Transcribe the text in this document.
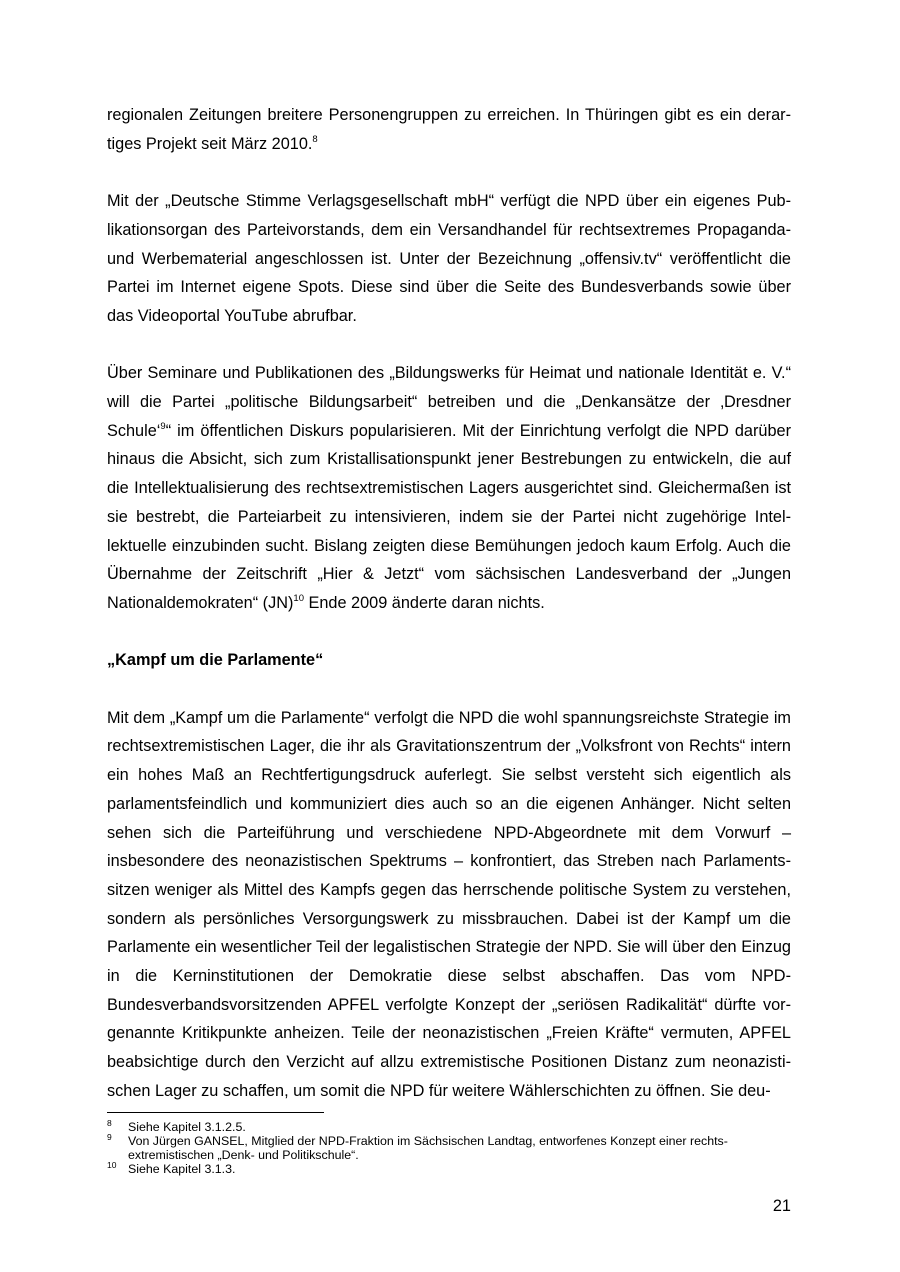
regionalen Zeitungen breitere Personengruppen zu erreichen. In Thüringen gibt es ein derartiges Projekt seit März 2010.$^8$

Mit der „Deutsche Stimme Verlagsgesellschaft mbH“ verfügt die NPD über ein eigenes Publikationsorgan des Parteivorstands, dem ein Versandhandel für rechtsextremes Propaganda- und Werbematerial angeschlossen ist. Unter der Bezeichnung „offensiv.tv“ veröffentlicht die Partei im Internet eigene Spots. Diese sind über die Seite des Bundesverbands sowie über das Videoportal YouTube abrufbar.

Über Seminare und Publikationen des „Bildungswerks für Heimat und nationale Identität e. V.“ will die Partei „politische Bildungsarbeit“ betreiben und die „Denkansätze der ‚Dresdner Schule‘$^9$“ im öffentlichen Diskurs popularisieren. Mit der Einrichtung verfolgt die NPD darüber hinaus die Absicht, sich zum Kristallisationspunkt jener Bestrebungen zu entwickeln, die auf die Intellektualisierung des rechtsextremistischen Lagers ausgerichtet sind. Gleichermaßen ist sie bestrebt, die Parteiarbeit zu intensivieren, indem sie der Partei nicht zugehörige Intellektuelle einzubinden sucht. Bislang zeigten diese Bemühungen jedoch kaum Erfolg. Auch die Übernahme der Zeitschrift „Hier & Jetzt“ vom sächsischen Landesverband der „Jungen Nationaldemokraten“ (JN)$^{10}$ Ende 2009 änderte daran nichts.

„Kampf um die Parlamente“

Mit dem „Kampf um die Parlamente“ verfolgt die NPD die wohl spannungsreichste Strategie im rechtsextremistischen Lager, die ihr als Gravitationszentrum der „Volksfront von Rechts“ intern ein hohes Maß an Rechtfertigungsdruck auferlegt. Sie selbst versteht sich eigentlich als parlamentsfeindlich und kommuniziert dies auch so an die eigenen Anhänger. Nicht selten sehen sich die Parteiführung und verschiedene NPD-Abgeordnete mit dem Vorwurf – insbesondere des neonazistischen Spektrums – konfrontiert, das Streben nach Parlamentssitzen weniger als Mittel des Kampfs gegen das herrschende politische System zu verstehen, sondern als persönliches Versorgungswerk zu missbrauchen. Dabei ist der Kampf um die Parlamente ein wesentlicher Teil der legalistischen Strategie der NPD. Sie will über den Einzug in die Kerninstitutionen der Demokratie diese selbst abschaffen. Das vom NPD-Bundesverbandsvorsitzenden APFEL verfolgte Konzept der „seriösen Radikalität“ dürfte vorgenannte Kritikpunkte anheizen. Teile der neonazistischen „Freien Kräfte“ vermuten, APFEL beabsichtige durch den Verzicht auf allzu extremistische Positionen Distanz zum neonazistischen Lager zu schaffen, um somit die NPD für weitere Wählerschichten zu öffnen. Sie deu-

8 Siehe Kapitel 3.1.2.5.
9 Von Jürgen GANSEL, Mitglied der NPD-Fraktion im Sächsischen Landtag, entworfenes Konzept einer rechtsextremistischen „Denk- und Politikschule“.
10 Siehe Kapitel 3.1.3.
21
